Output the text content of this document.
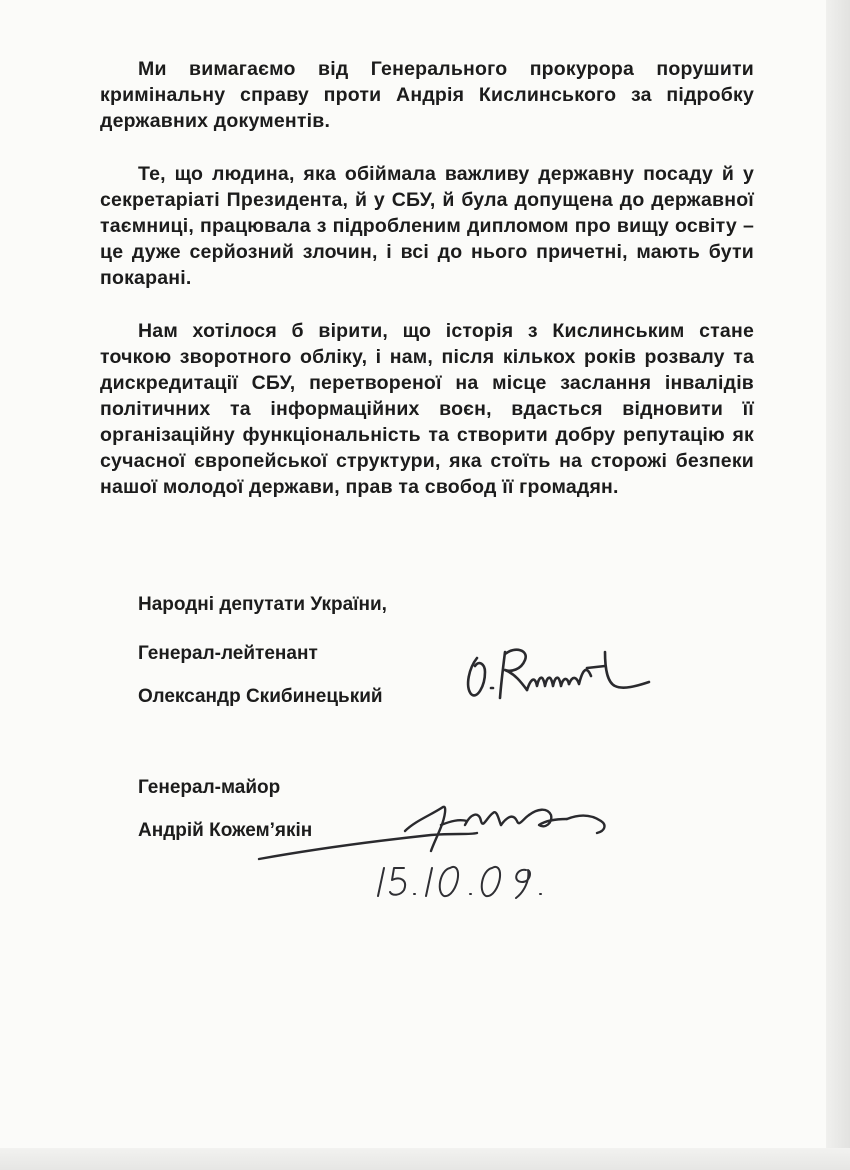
Ми вимагаємо від Генерального прокурора порушити кримінальну справу проти Андрія Кислинського за підробку державних документів.

Те, що людина, яка обіймала важливу державну посаду й у секретаріаті Президента, й у СБУ, й була допущена до державної таємниці, працювала з підробленим дипломом про вищу освіту – це дуже серйозний злочин, і всі до нього причетні, мають бути покарані.

Нам хотілося б вірити, що історія з Кислинським стане точкою зворотного обліку, і нам, після кількох років розвалу та дискредитації СБУ, перетвореної на місце заслання інвалідів політичних та інформаційних воєн, вдасться відновити її організаційну функціональність та створити добру репутацію як сучасної європейської структури, яка стоїть на сторожі безпеки нашої молодої держави, прав та свобод її громадян.

Народні депутати України,
Генерал-лейтенант
Олександр Скибинецький
Генерал-майор
Андрій Кожем’якін
